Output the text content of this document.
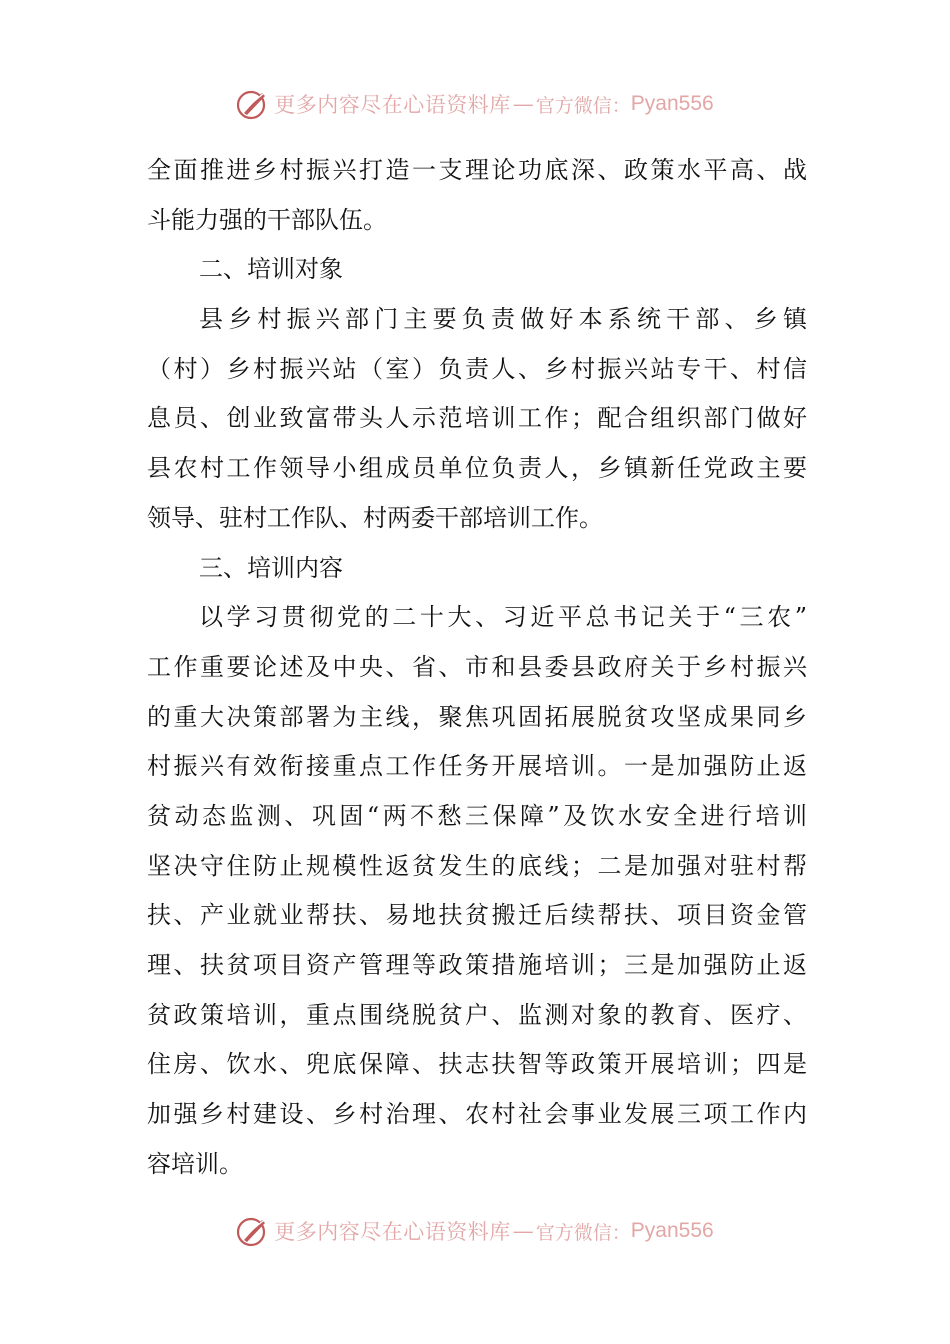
更多内容尽在心语资料库 — 官方微信： Pyan556
全面推进乡村振兴打造一支理论功底深、政策水平高、战
斗能力强的干部队伍。
二、培训对象
县乡村振兴部门主要负责做好本系统干部、乡镇
（村）乡村振兴站（室）负责人、乡村振兴站专干、村信
息员、创业致富带头人示范培训工作；配合组织部门做好
县农村工作领导小组成员单位负责人，乡镇新任党政主要
领导、驻村工作队、村两委干部培训工作。
三、培训内容
以学习贯彻党的二十大、习近平总书记关于“三农”
工作重要论述及中央、省、市和县委县政府关于乡村振兴
的重大决策部署为主线，聚焦巩固拓展脱贫攻坚成果同乡
村振兴有效衔接重点工作任务开展培训。一是加强防止返
贫动态监测、巩固“两不愁三保障”及饮水安全进行培训
坚决守住防止规模性返贫发生的底线；二是加强对驻村帮
扶、产业就业帮扶、易地扶贫搬迁后续帮扶、项目资金管
理、扶贫项目资产管理等政策措施培训；三是加强防止返
贫政策培训，重点围绕脱贫户、监测对象的教育、医疗、
住房、饮水、兜底保障、扶志扶智等政策开展培训；四是
加强乡村建设、乡村治理、农村社会事业发展三项工作内
容培训。
更多内容尽在心语资料库 — 官方微信： Pyan556
